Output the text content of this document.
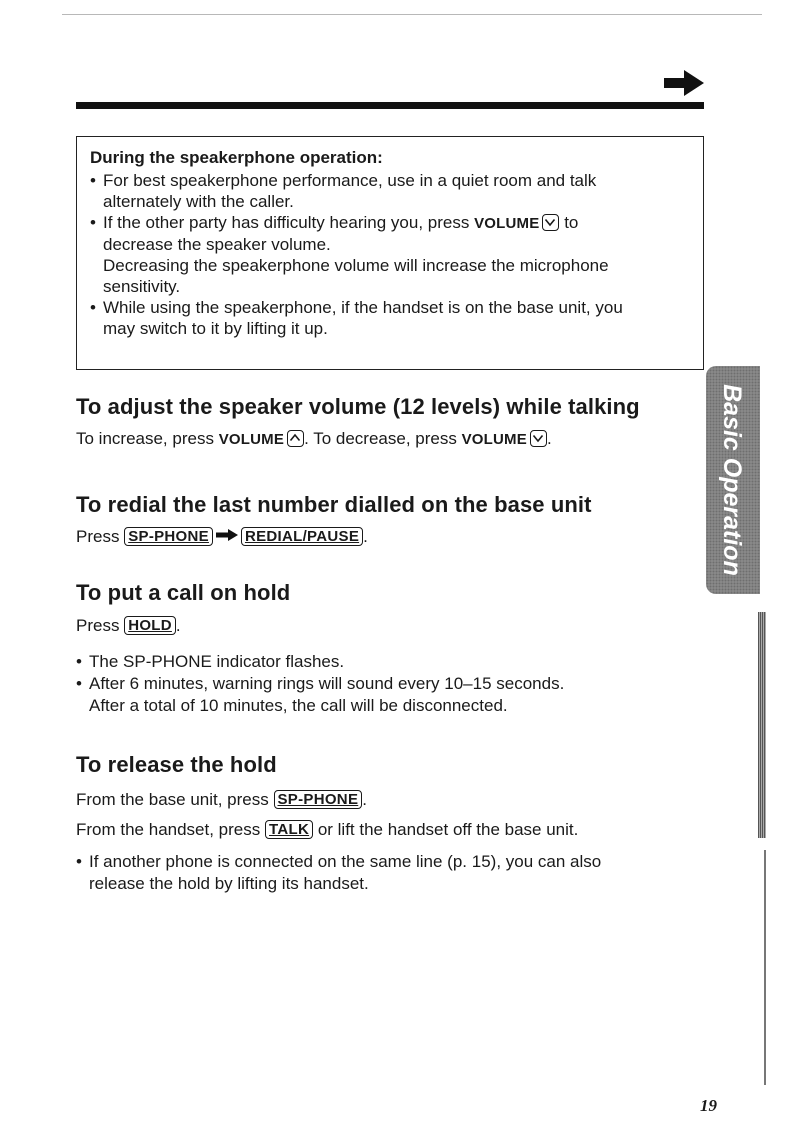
During the speakerphone operation:

• For best speakerphone performance, use in a quiet room and talk
alternately with the caller.
• If the other party has difficulty hearing you, press VOLUME to
decrease the speaker volume.
Decreasing the speakerphone volume will increase the microphone
sensitivity.
• While using the speakerphone, if the handset is on the base unit, you
may switch to it by lifting it up.
To adjust the speaker volume (12 levels) while talking

To increase, press VOLUME . To decrease, press VOLUME .

To redial the last number dialled on the base unit

Press SP-PHONE REDIAL/PAUSE .

To put a call on hold

Press HOLD .

• The SP-PHONE indicator flashes.
• After 6 minutes, warning rings will sound every 10–15 seconds.
After a total of 10 minutes, the call will be disconnected.
To release the hold

From the base unit, press SP-PHONE .

From the handset, press TALK or lift the handset off the base unit.

• If another phone is connected on the same line (p. 15), you can also
release the hold by lifting its handset.
Basic Operation
19
